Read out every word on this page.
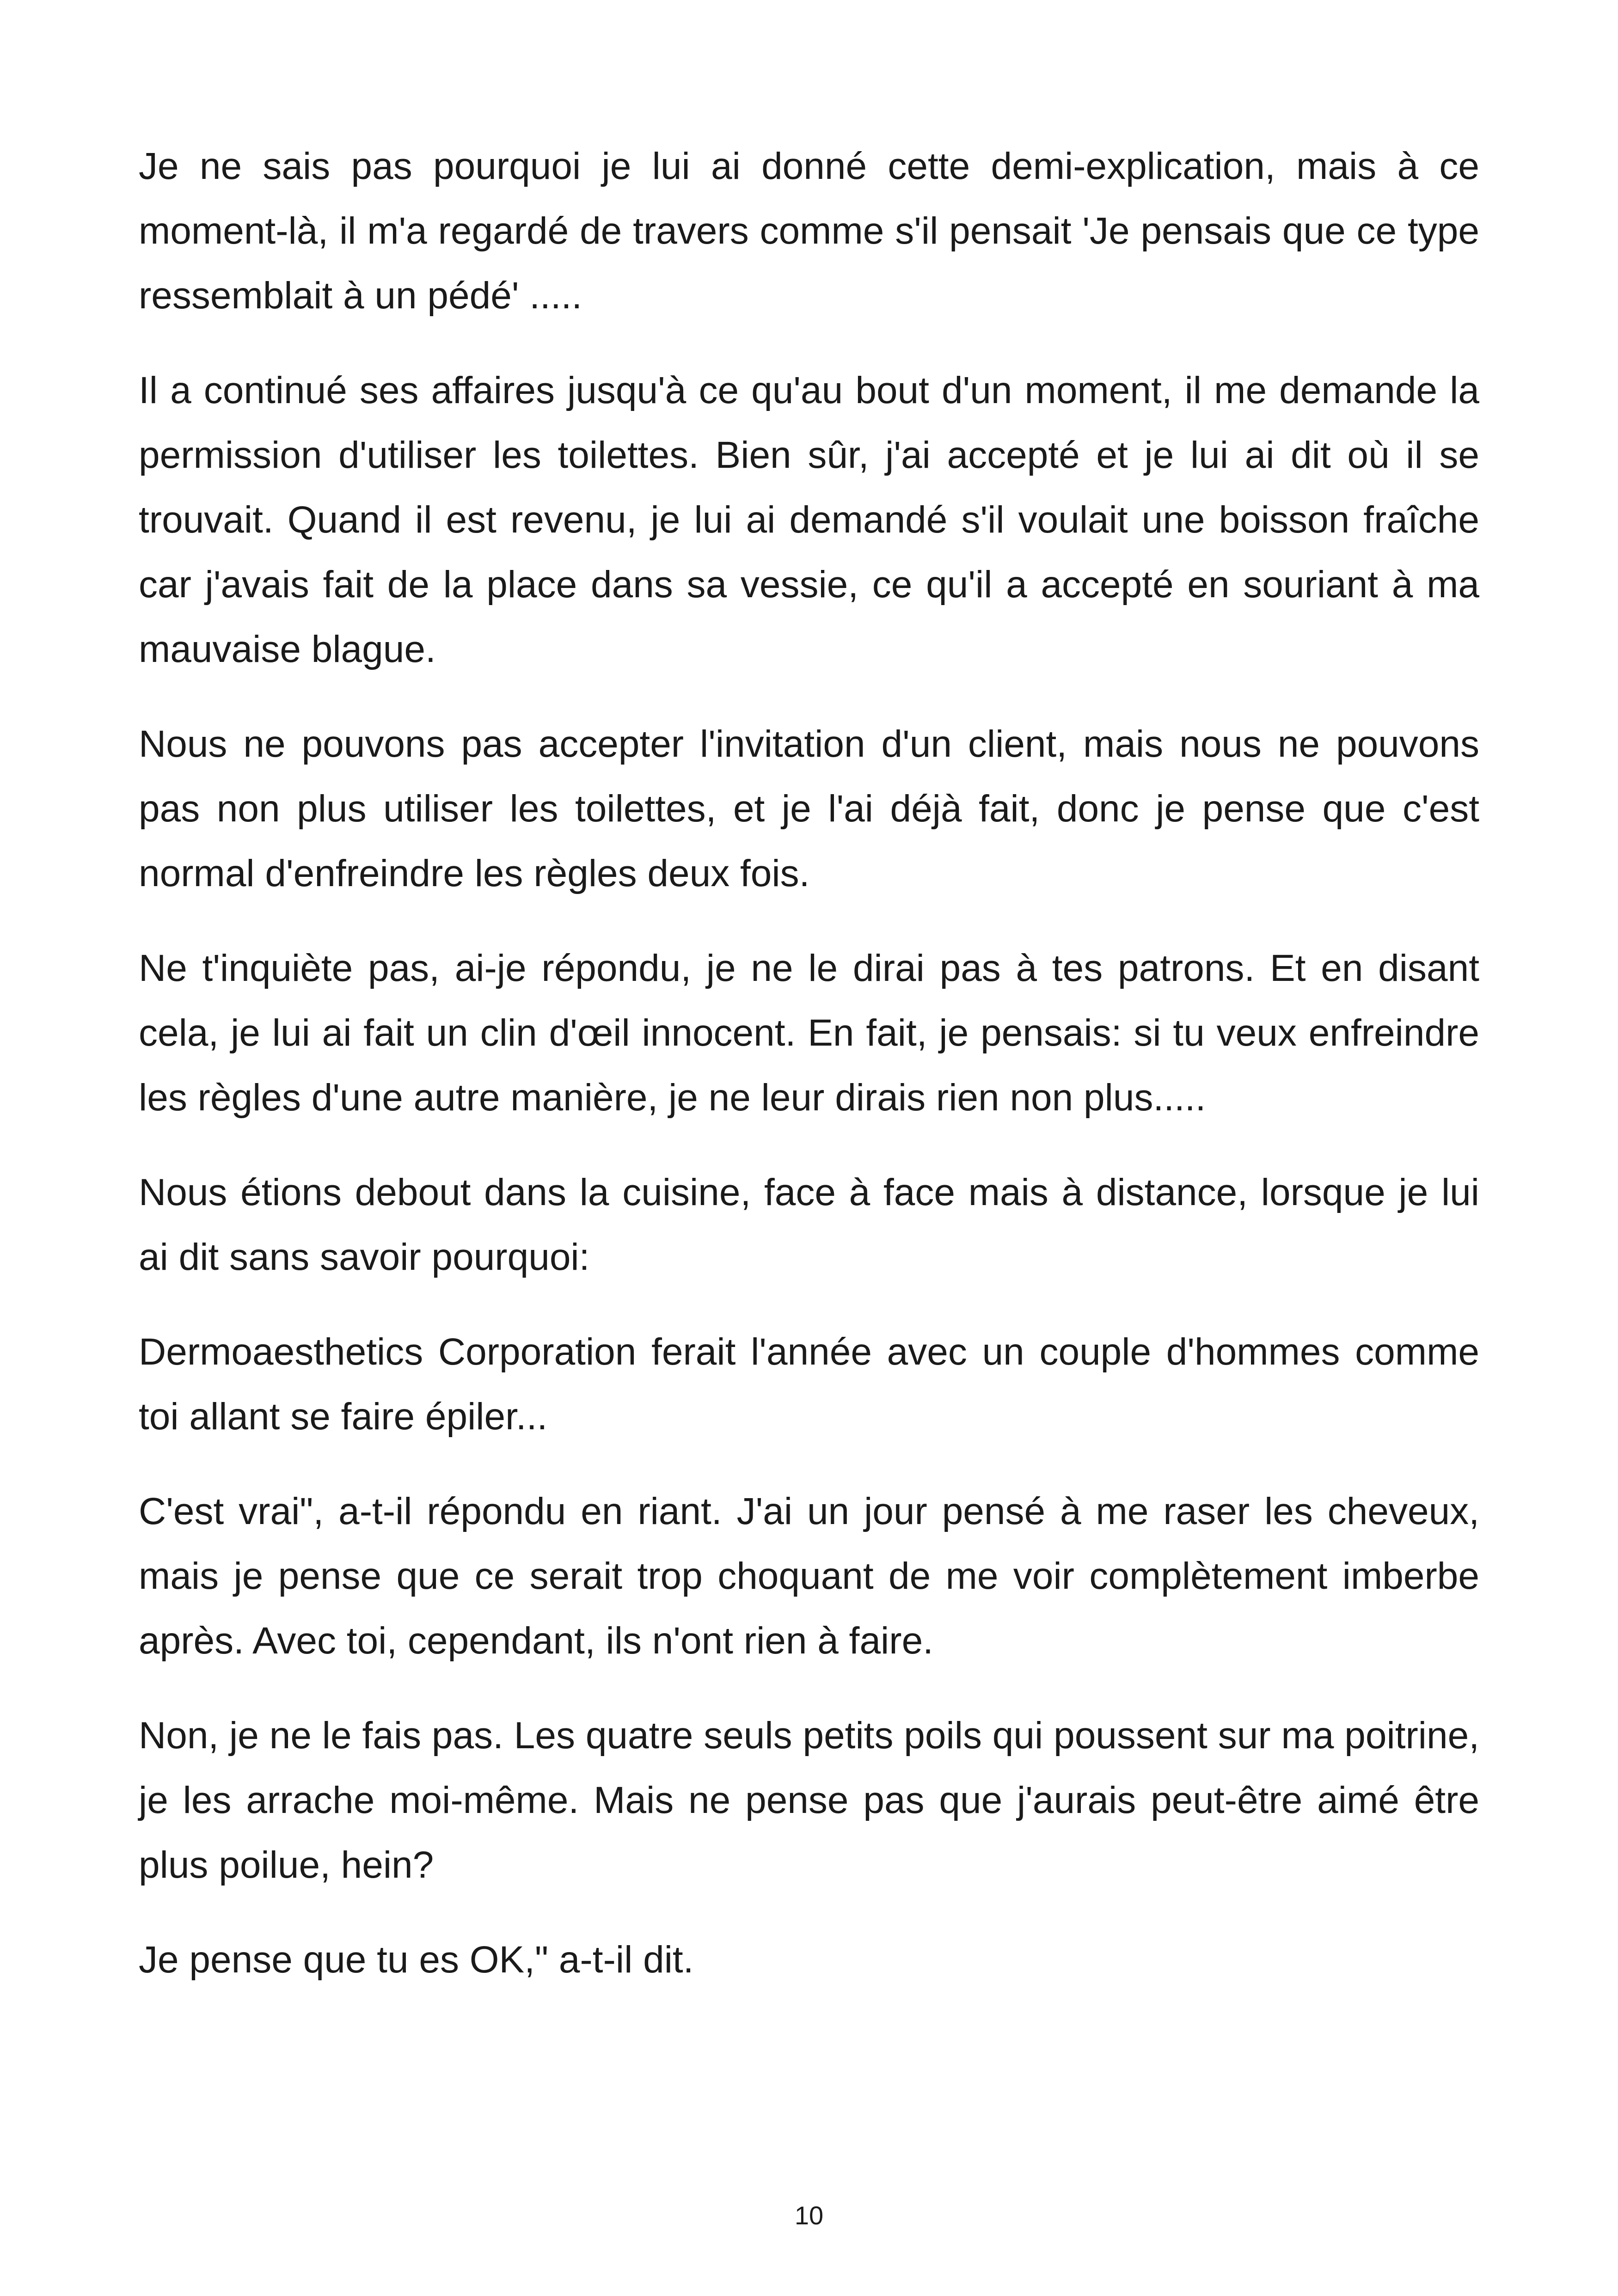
Je ne sais pas pourquoi je lui ai donné cette demi-explication, mais à ce moment-là, il m'a regardé de travers comme s'il pensait 'Je pensais que ce type ressemblait à un pédé' .....

Il a continué ses affaires jusqu'à ce qu'au bout d'un moment, il me demande la permission d'utiliser les toilettes. Bien sûr, j'ai accepté et je lui ai dit où il se trouvait. Quand il est revenu, je lui ai demandé s'il voulait une boisson fraîche car j'avais fait de la place dans sa vessie, ce qu'il a accepté en souriant à ma mauvaise blague.

Nous ne pouvons pas accepter l'invitation d'un client, mais nous ne pouvons pas non plus utiliser les toilettes, et je l'ai déjà fait, donc je pense que c'est normal d'enfreindre les règles deux fois.

Ne t'inquiète pas, ai-je répondu, je ne le dirai pas à tes patrons. Et en disant cela, je lui ai fait un clin d'œil innocent. En fait, je pensais: si tu veux enfreindre les règles d'une autre manière, je ne leur dirais rien non plus.....

Nous étions debout dans la cuisine, face à face mais à distance, lorsque je lui ai dit sans savoir pourquoi:

Dermoaesthetics Corporation ferait l'année avec un couple d'hommes comme toi allant se faire épiler...

C'est vrai", a-t-il répondu en riant. J'ai un jour pensé à me raser les cheveux, mais je pense que ce serait trop choquant de me voir complètement imberbe après. Avec toi, cependant, ils n'ont rien à faire.

Non, je ne le fais pas. Les quatre seuls petits poils qui poussent sur ma poitrine, je les arrache moi-même. Mais ne pense pas que j'aurais peut-être aimé être plus poilue, hein?

Je pense que tu es OK," a-t-il dit.

10
